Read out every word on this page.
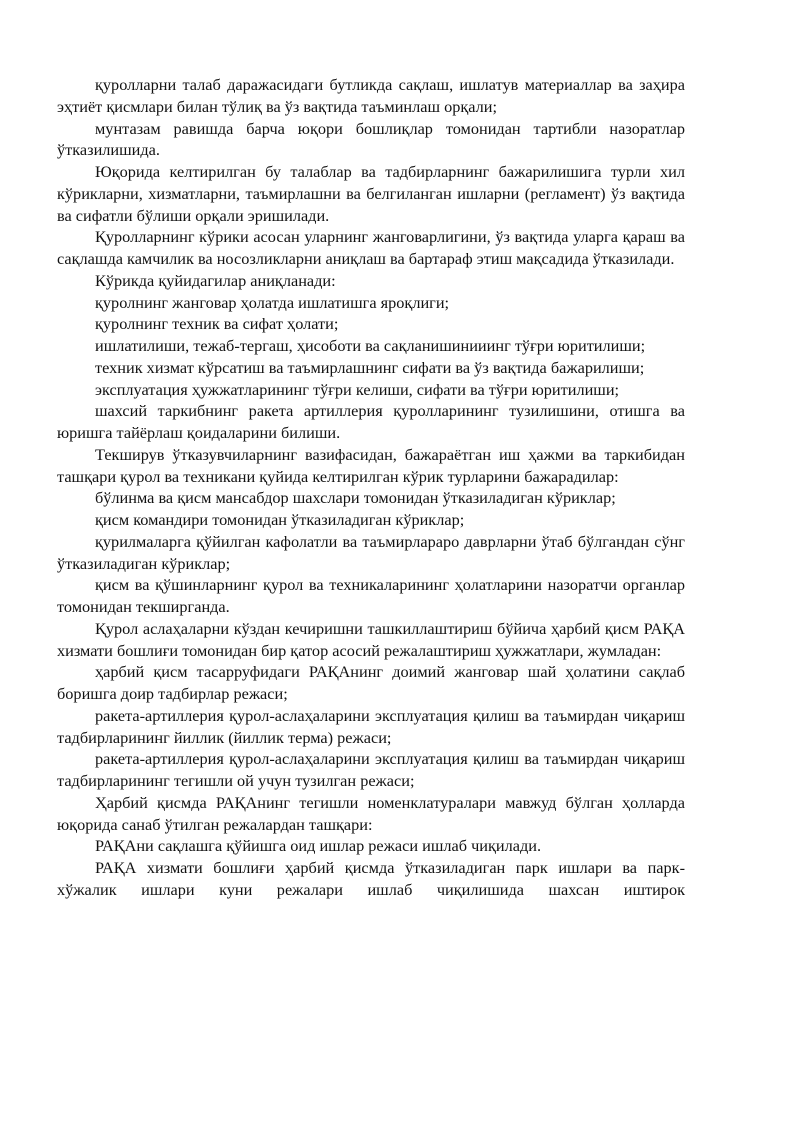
қуролларни талаб даражасидаги бутликда сақлаш, ишлатув материаллар ва заҳира эҳтиёт қисмлари билан тўлиқ ва ўз вақтида таъминлаш орқали;

мунтазам равишда барча юқори бошлиқлар томонидан тартибли назоратлар ўтказилишида.

Юқорида келтирилган бу талаблар ва тадбирларнинг бажарилишига турли хил кўрикларни, хизматларни, таъмирлашни ва белгиланган ишларни (регламент) ўз вақтида ва сифатли бўлиши орқали эришилади.

Қуролларнинг кўрики асосан уларнинг жанговарлигини, ўз вақтида уларга қараш ва сақлашда камчилик ва носозликларни аниқлаш ва бартараф этиш мақсадида ўтказилади.

Кўрикда қуйидагилар аниқланади:

қуролнинг жанговар ҳолатда ишлатишга яроқлиги;

қуролнинг техник ва сифат ҳолати;

ишлатилиши, тежаб-тергаш, ҳисоботи ва сақланишинииинг тўғри юритилиши;

техник хизмат кўрсатиш ва таъмирлашнинг сифати ва ўз вақтида бажарилиши;

эксплуатация ҳужжатларининг тўғри келиши, сифати ва тўғри юритилиши;

шахсий таркибнинг ракета артиллерия қуролларининг тузилишини, отишга ва юришга тайёрлаш қоидаларини билиши.

Текширув ўтказувчиларнинг вазифасидан, бажараётган иш ҳажми ва таркибидан ташқари қурол ва техникани қуйида келтирилган кўрик турларини бажарадилар:

бўлинма ва қисм мансабдор шахслари томонидан ўтказиладиган кўриклар;

қисм командири томонидан ўтказиладиган кўриклар;

қурилмаларга қўйилган кафолатли ва таъмирлараро даврларни ўтаб бўлгандан сўнг ўтказиладиган кўриклар;

қисм ва қўшинларнинг қурол ва техникаларининг ҳолатларини назоратчи органлар томонидан текширганда.

Қурол аслаҳаларни кўздан кечиришни ташкиллаштириш бўйича ҳарбий қисм РАҚА хизмати бошлиғи томонидан бир қатор асосий режалаштириш ҳужжатлари, жумладан:

ҳарбий қисм тасарруфидаги РАҚАнинг доимий жанговар шай ҳолатини сақлаб боришга доир тадбирлар режаси;

ракета-артиллерия қурол-аслаҳаларини эксплуатация қилиш ва таъмирдан чиқариш тадбирларининг йиллик (йиллик терма) режаси;

ракета-артиллерия қурол-аслаҳаларини эксплуатация қилиш ва таъмирдан чиқариш тадбирларининг тегишли ой учун тузилган режаси;

Ҳарбий қисмда РАҚАнинг тегишли номенклатуралари мавжуд бўлган ҳолларда юқорида санаб ўтилган режалардан ташқари:

РАҚАни сақлашга қўйишга оид ишлар режаси ишлаб чиқилади.

РАҚА хизмати бошлиғи ҳарбий қисмда ўтказиладиган парк ишлари ва парк-хўжалик ишлари куни режалари ишлаб чиқилишида шахсан иштирок
